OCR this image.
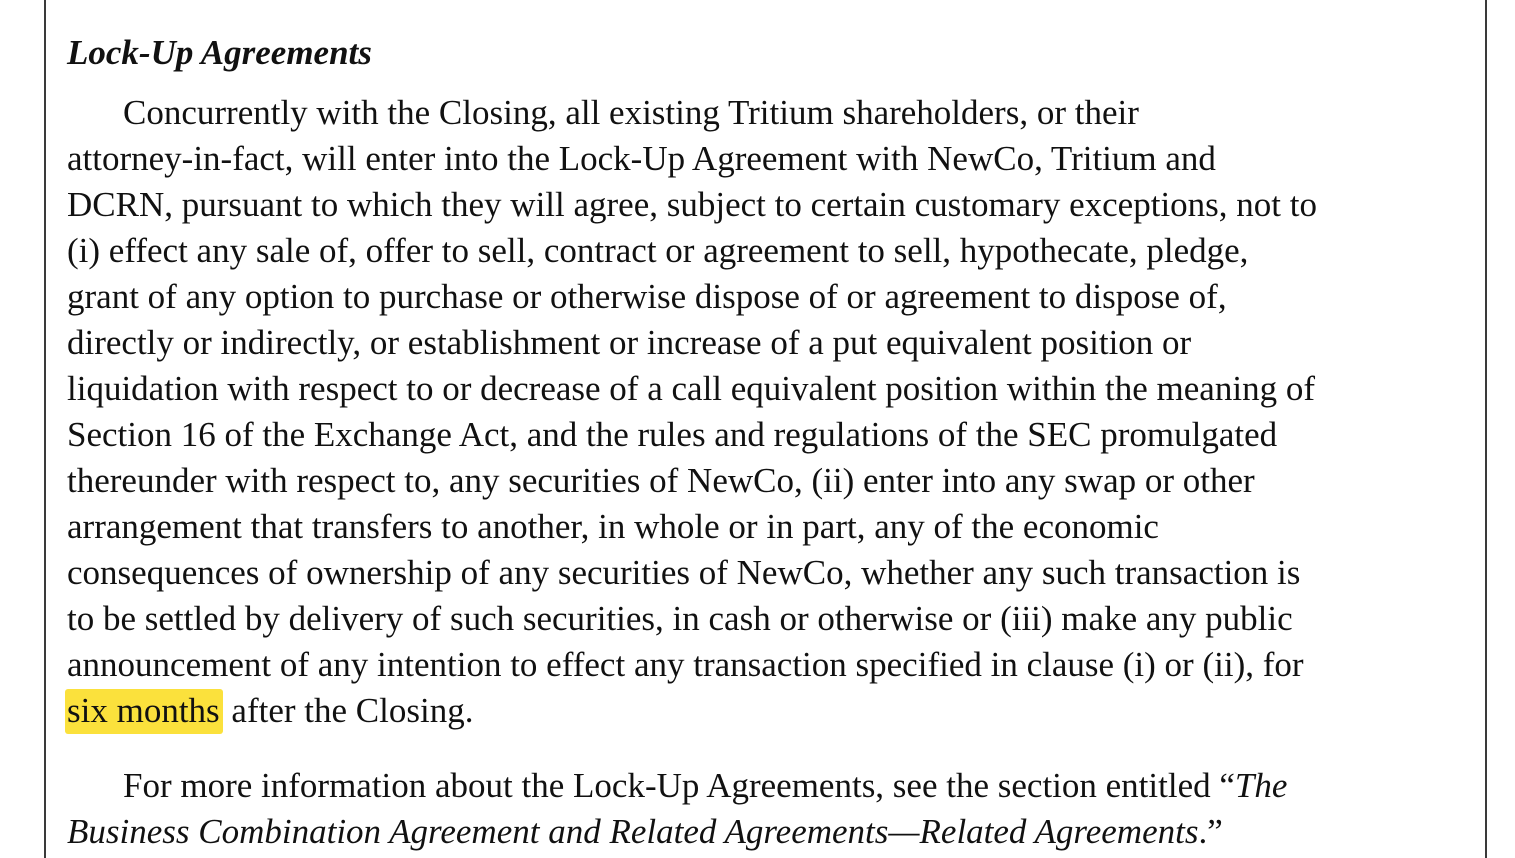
Lock-Up Agreements
Concurrently with the Closing, all existing Tritium shareholders, or their
attorney-in-fact, will enter into the Lock-Up Agreement with NewCo, Tritium and
DCRN, pursuant to which they will agree, subject to certain customary exceptions, not to
(i) effect any sale of, offer to sell, contract or agreement to sell, hypothecate, pledge,
grant of any option to purchase or otherwise dispose of or agreement to dispose of,
directly or indirectly, or establishment or increase of a put equivalent position or
liquidation with respect to or decrease of a call equivalent position within the meaning of
Section 16 of the Exchange Act, and the rules and regulations of the SEC promulgated
thereunder with respect to, any securities of NewCo, (ii) enter into any swap or other
arrangement that transfers to another, in whole or in part, any of the economic
consequences of ownership of any securities of NewCo, whether any such transaction is
to be settled by delivery of such securities, in cash or otherwise or (iii) make any public
announcement of any intention to effect any transaction specified in clause (i) or (ii), for
six months after the Closing.
For more information about the Lock-Up Agreements, see the section entitled “The
Business Combination Agreement and Related Agreements—Related Agreements.”
